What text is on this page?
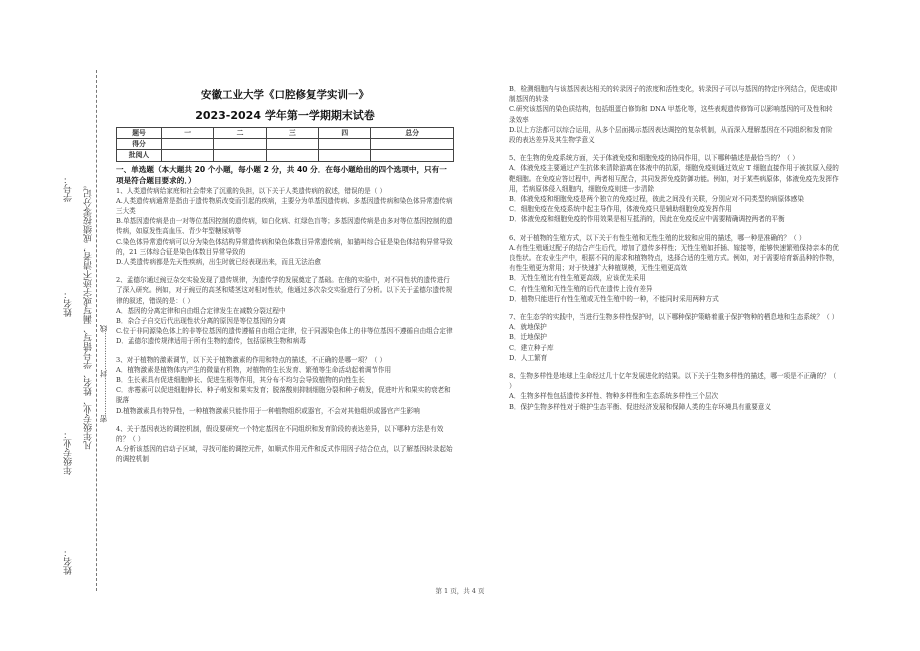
学号：
姓名：
年级专业：
凡年级专业、姓名、学号错写、漏写或字迹不清者，成绩按零分记。 密……………封……………线
姓名：
安徽工业大学《口腔修复学实训一》
2023-2024 学年第一学期期末试卷
题号	一	二	三	四	总分
得分					
批阅人					
一、单选题（本大题共 20 个小题，每小题 2 分，共 40 分．在每小题给出的四个选项中，只有一项是符合题目要求的．）

1、人类遗传病给家庭和社会带来了沉重的负担，以下关于人类遗传病的叙述，错误的是（ ）

A.人类遗传病通常是指由于遗传物质改变而引起的疾病，主要分为单基因遗传病、多基因遗传病和染色体异常遗传病三大类

B.单基因遗传病是由一对等位基因控制的遗传病，如白化病、红绿色盲等；多基因遗传病是由多对等位基因控制的遗传病，如原发性高血压、青少年型糖尿病等

C.染色体异常遗传病可以分为染色体结构异常遗传病和染色体数目异常遗传病，如猫叫综合征是染色体结构异常导致的，21 三体综合征是染色体数目异常导致的

D.人类遗传病都是先天性疾病，出生时就已经表现出来，而且无法治愈

2、孟德尔通过豌豆杂交实验发现了遗传规律，为遗传学的发展奠定了基础。在他的实验中，对不同性状的遗传进行了深入研究。例如，对于豌豆的高茎和矮茎这对相对性状，他通过多次杂交实验进行了分析。以下关于孟德尔遗传规律的叙述，错误的是：（ ）

A．基因的分离定律和自由组合定律发生在减数分裂过程中

B．杂合子自交后代出现性状分离的原因是等位基因的分离

C.位于非同源染色体上的非等位基因的遗传遵循自由组合定律，位于同源染色体上的非等位基因不遵循自由组合定律

D．孟德尔遗传规律适用于所有生物的遗传，包括原核生物和病毒

3、对于植物的激素调节，以下关于植物激素的作用和特点的描述，不正确的是哪一项？（ ）

A．植物激素是植物体内产生的微量有机物，对植物的生长发育、繁殖等生命活动起着调节作用

B．生长素具有促进细胞伸长、促进生根等作用，其分布不均匀会导致植物的向性生长

C．赤霉素可以促进细胞伸长、种子萌发和果实发育；脱落酸则抑制细胞分裂和种子萌发，促进叶片和果实的衰老和脱落

D.植物激素具有特异性，一种植物激素只能作用于一种植物组织或器官，不会对其他组织或器官产生影响

4、关于基因表达的调控机制，假设要研究一个特定基因在不同组织和发育阶段的表达差异，以下哪种方法是有效的？（ ）

A.分析该基因的启动子区域，寻找可能的调控元件，如顺式作用元件和反式作用因子结合位点，以了解基因转录起始的调控机制

B．检测细胞内与该基因表达相关的转录因子的浓度和活性变化，转录因子可以与基因的特定序列结合，促进或抑制基因的转录

C.研究该基因的染色质结构，包括组蛋白修饰和 DNA 甲基化等，这些表观遗传修饰可以影响基因的可及性和转录效率

D.以上方法都可以综合运用，从多个层面揭示基因表达调控的复杂机制，从而深入理解基因在不同组织和发育阶段的表达差异及其生物学意义

5、在生物的免疫系统方面，关于体液免疫和细胞免疫的协同作用，以下哪种描述是最恰当的？（ ）

A．体液免疫主要通过产生抗体来清除游离在体液中的抗原，细胞免疫则通过效应 T 细胞直接作用于被抗原入侵的靶细胞。在免疫应答过程中，两者相互配合，共同发挥免疫防御功能。例如，对于某些病原体，体液免疫先发挥作用，若病原体侵入细胞内，细胞免疫则进一步清除

B．体液免疫和细胞免疫是两个独立的免疫过程，彼此之间没有关联，分别应对不同类型的病原体感染

C．细胞免疫在免疫系统中起主导作用，体液免疫只是辅助细胞免疫发挥作用

D．体液免疫和细胞免疫的作用效果是相互抵消的，因此在免疫反应中需要精确调控两者的平衡

6、对于植物的生殖方式，以下关于有性生殖和无性生殖的比较和应用的描述，哪一种是准确的？（ ）

A.有性生殖通过配子的结合产生后代，增加了遗传多样性；无性生殖如扦插、嫁接等，能够快速繁殖保持亲本的优良性状。在农业生产中，根据不同的需求和植物特点，选择合适的生殖方式。例如，对于需要培育新品种的作物，有性生殖更为常用；对于快速扩大种植规模，无性生殖更高效

B．无性生殖比有性生殖更高级，应该优先采用

C．有性生殖和无性生殖的后代在遗传上没有差异

D．植物只能进行有性生殖或无性生殖中的一种，不能同时采用两种方式

7、在生态学的实践中，当进行生物多样性保护时，以下哪种保护策略着重于保护物种的栖息地和生态系统？（ ）

A．就地保护

B．迁地保护

C．建立种子库

D．人工繁育

8、生物多样性是地球上生命经过几十亿年发展进化的结果。以下关于生物多样性的描述，哪一项是不正确的？（ ）

A．生物多样性包括遗传多样性、物种多样性和生态系统多样性三个层次

B．保护生物多样性对于维护生态平衡、促进经济发展和保障人类的生存环境具有重要意义

第 1 页，共 4 页
